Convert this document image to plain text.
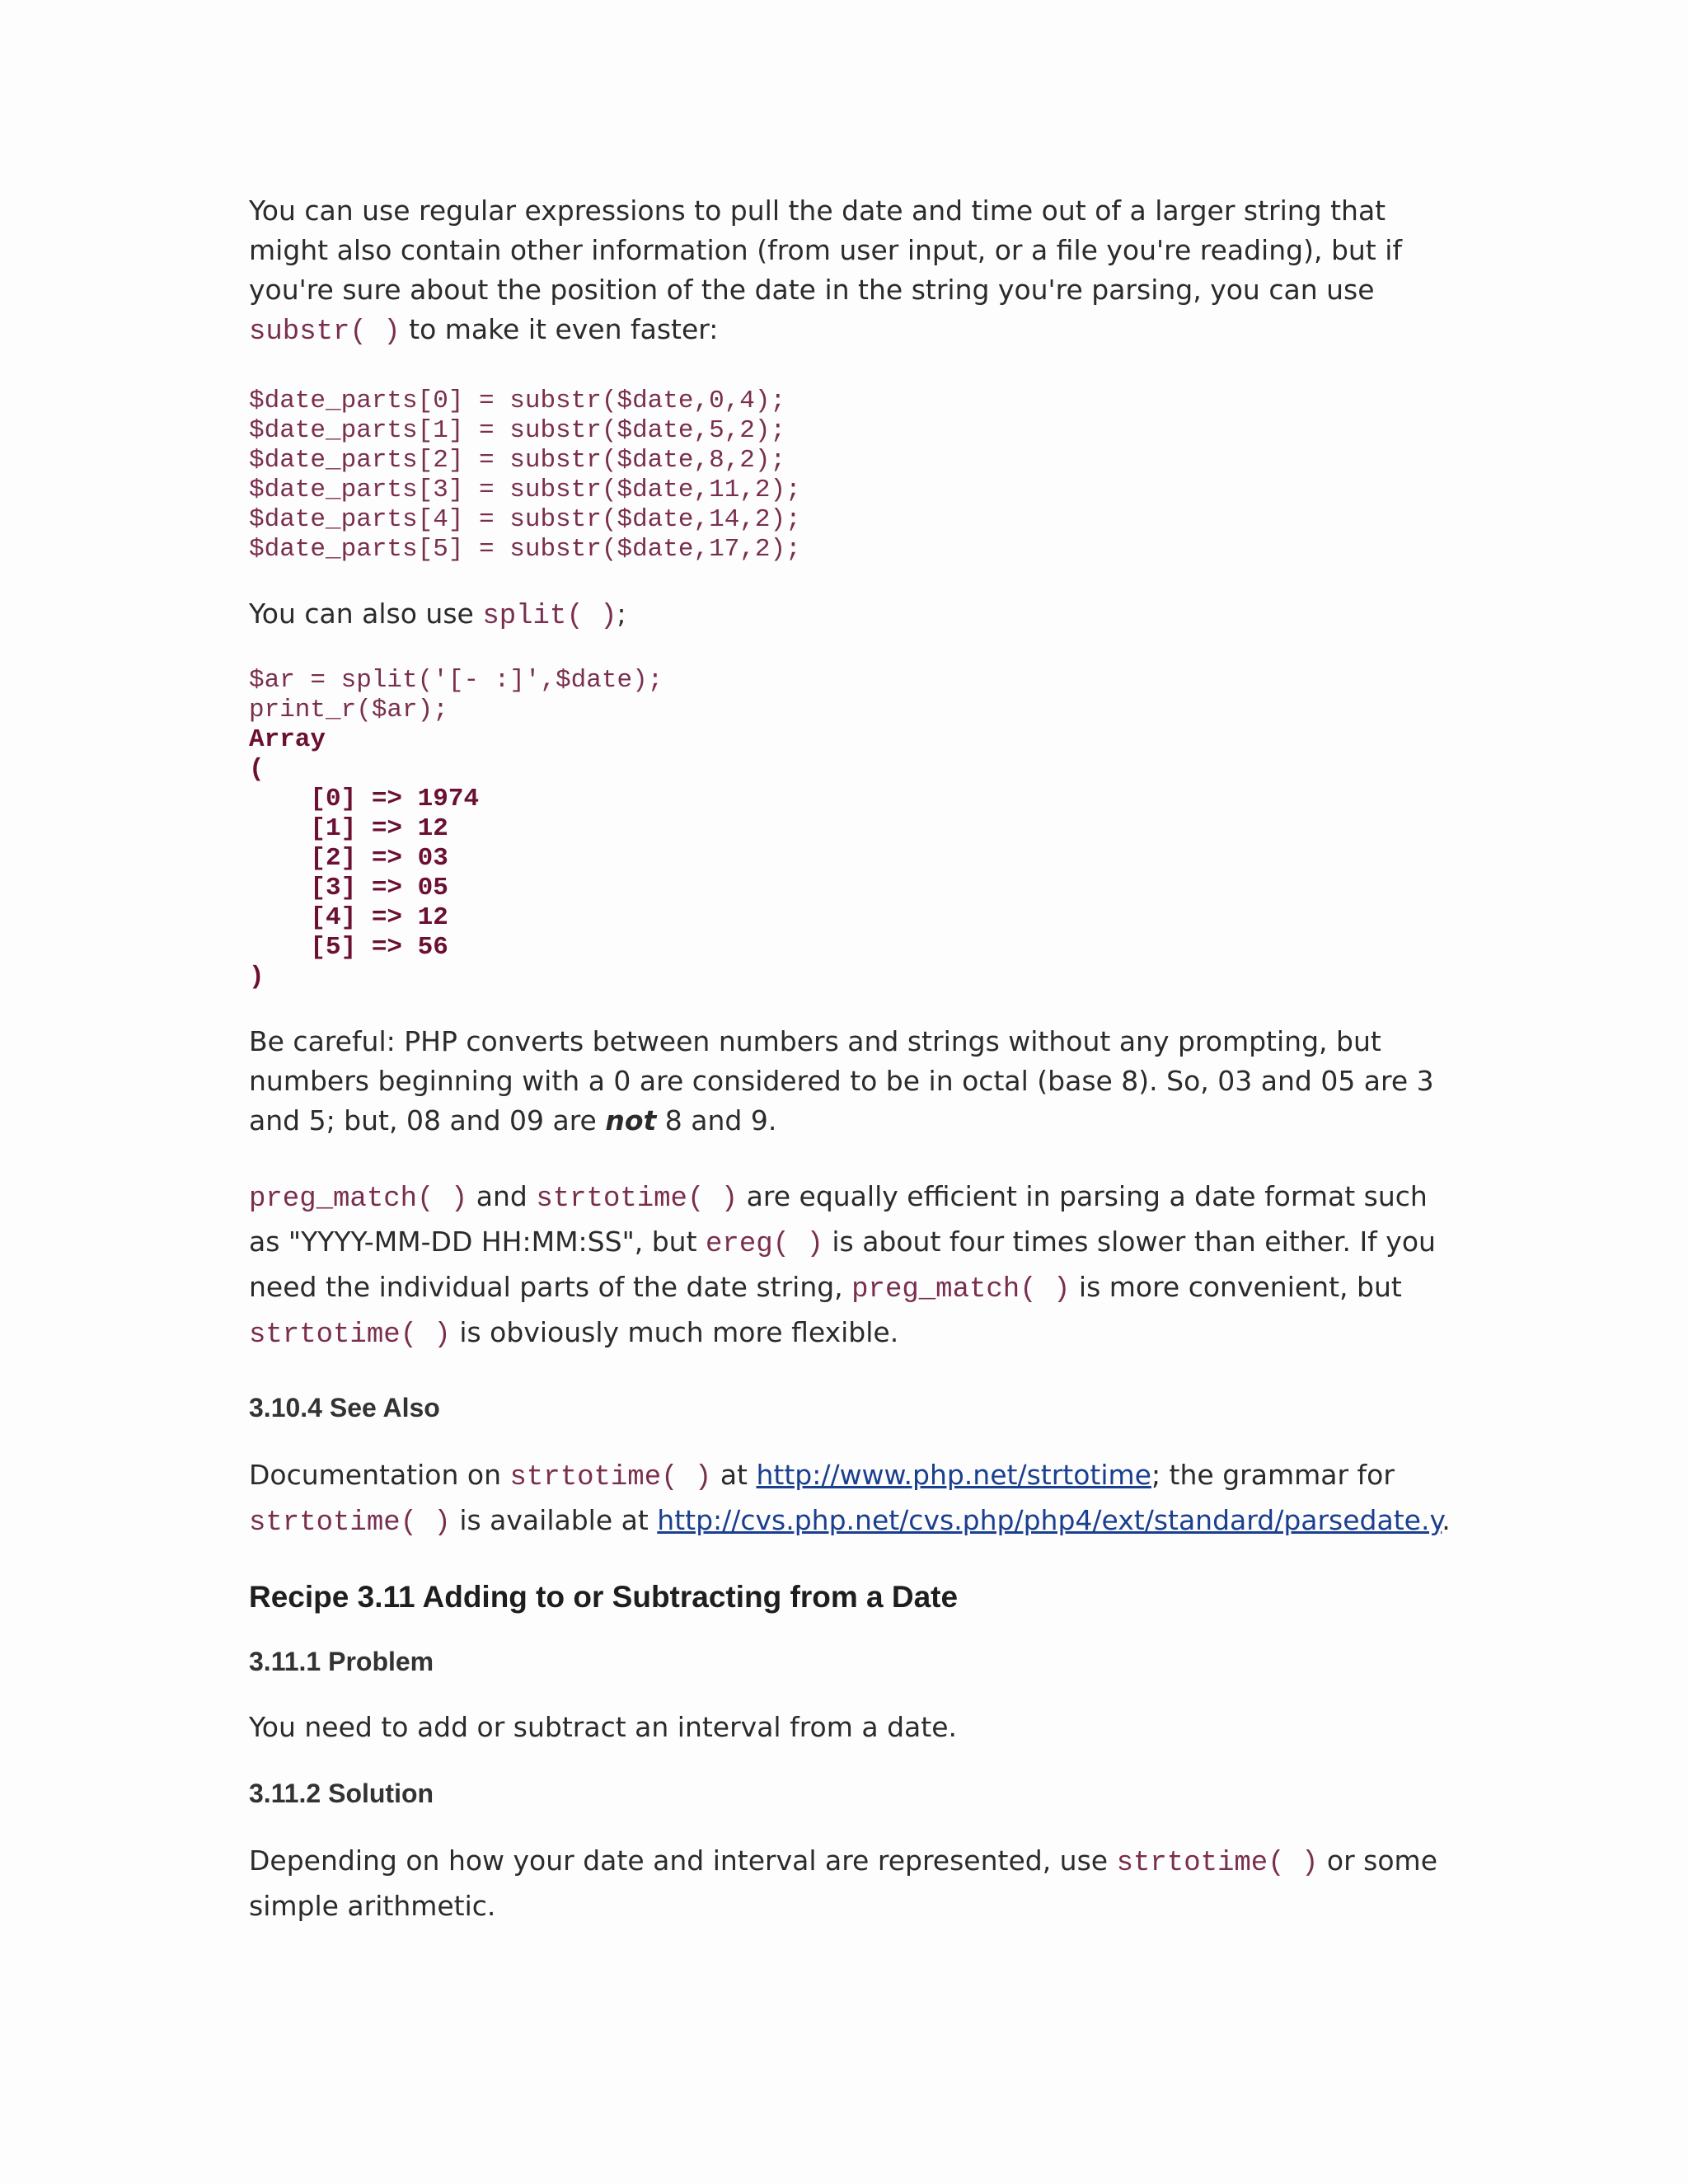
You can use regular expressions to pull the date and time out of a larger string that might also contain other information (from user input, or a file you're reading), but if you're sure about the position of the date in the string you're parsing, you can use substr( ) to make it even faster:

$date_parts[0] = substr($date,0,4);
$date_parts[1] = substr($date,5,2);
$date_parts[2] = substr($date,8,2);
$date_parts[3] = substr($date,11,2);
$date_parts[4] = substr($date,14,2);
$date_parts[5] = substr($date,17,2);

You can also use split( );

$ar = split('[- :]',$date);
print_r($ar);
Array
(
[0] => 1974
[1] => 12
[2] => 03
[3] => 05
[4] => 12
[5] => 56
)

Be careful: PHP converts between numbers and strings without any prompting, but numbers beginning with a 0 are considered to be in octal (base 8). So, 03 and 05 are 3 and 5; but, 08 and 09 are not 8 and 9.

preg_match( ) and strtotime( ) are equally efficient in parsing a date format such as "YYYY-MM-DD HH:MM:SS", but ereg( ) is about four times slower than either. If you need the individual parts of the date string, preg_match( ) is more convenient, but strtotime( ) is obviously much more flexible.

3.10.4 See Also

Documentation on strtotime( ) at http://www.php.net/strtotime; the grammar for strtotime( ) is available at http://cvs.php.net/cvs.php/php4/ext/standard/parsedate.y.

Recipe 3.11 Adding to or Subtracting from a Date
3.11.1 Problem

You need to add or subtract an interval from a date.

3.11.2 Solution

Depending on how your date and interval are represented, use strtotime( ) or some simple arithmetic.
